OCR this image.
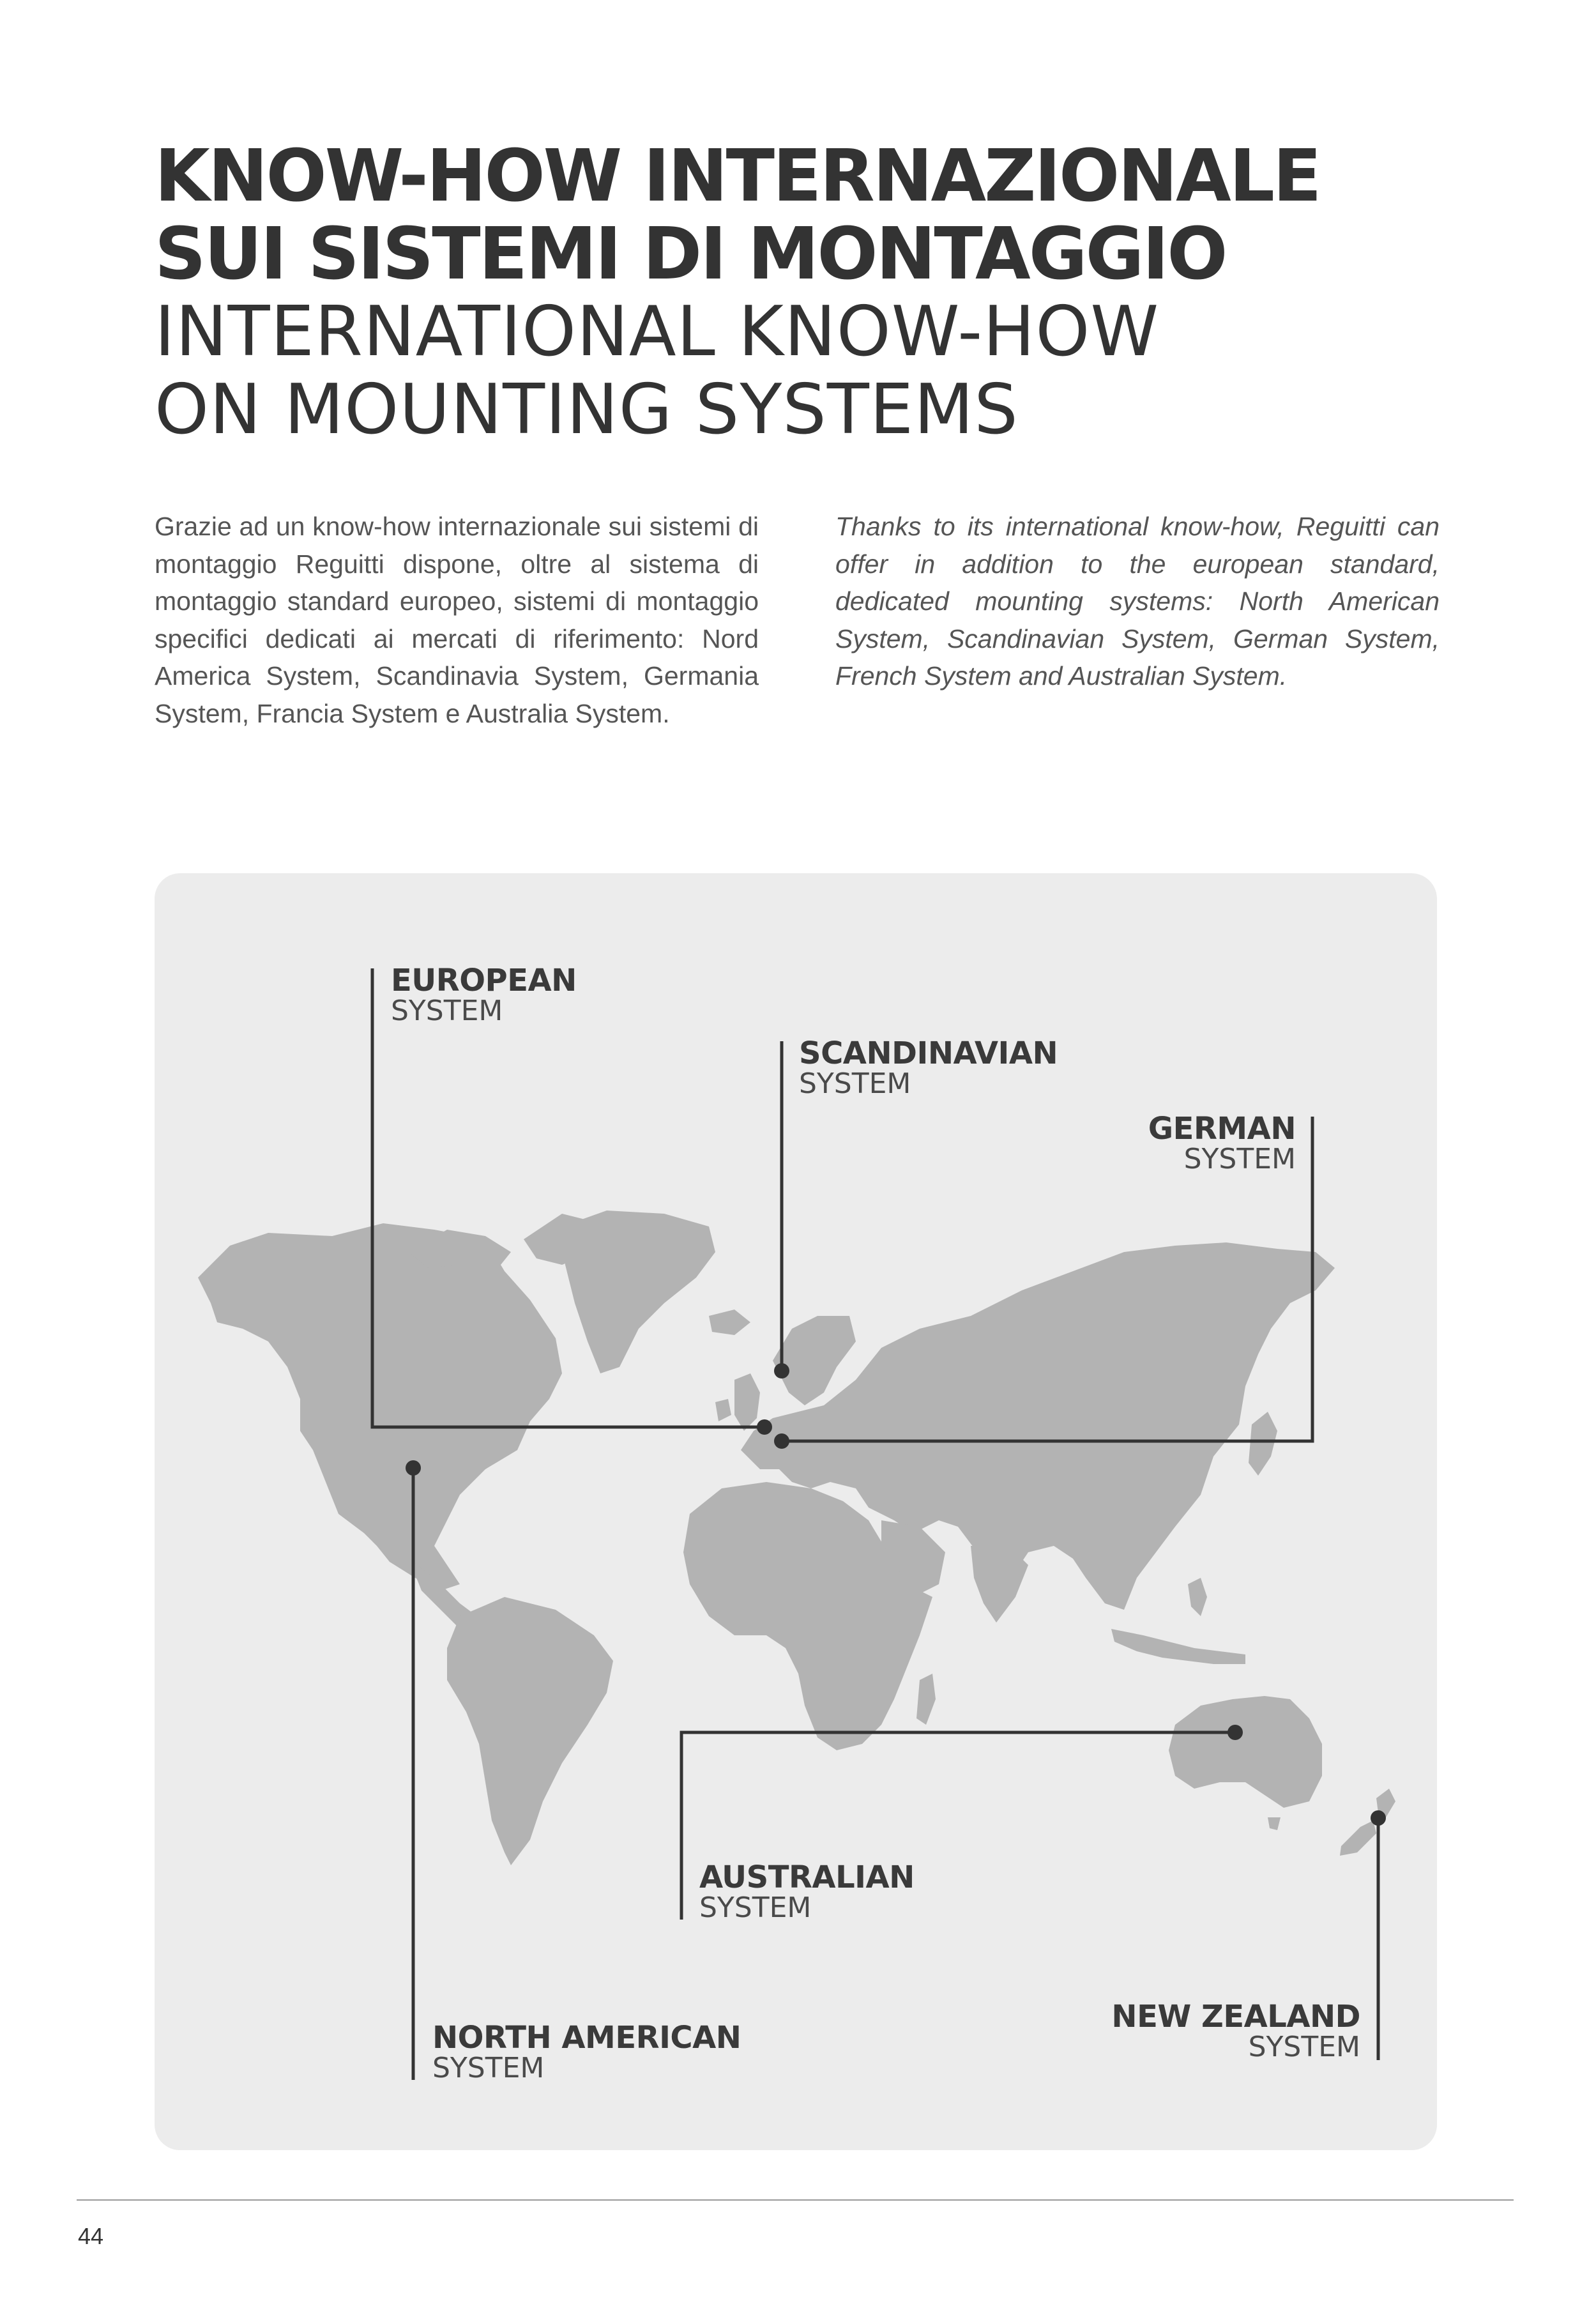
KNOW-HOW INTERNAZIONALE

SUI SISTEMI DI MONTAGGIO

INTERNATIONAL KNOW-HOW

ON MOUNTING SYSTEMS

Grazie ad un know-how internazionale sui sistemi di montaggio Reguitti dispone, oltre al sistema di montaggio standard europeo, sistemi di montaggio specifici dedicati ai mercati di riferimento: Nord America System, Scandinavia System, Germania System, Francia System e Australia System.

Thanks to its international know-how, Reguitti can offer in addition to the european standard, dedicated mounting systems: North American System, Scandinavian System, German System, French System and Australian System.

EUROPEAN
SYSTEM
SCANDINAVIAN
SYSTEM
GERMAN
SYSTEM
AUSTRALIAN
SYSTEM
NORTH AMERICAN
SYSTEM
NEW ZEALAND
SYSTEM
44
